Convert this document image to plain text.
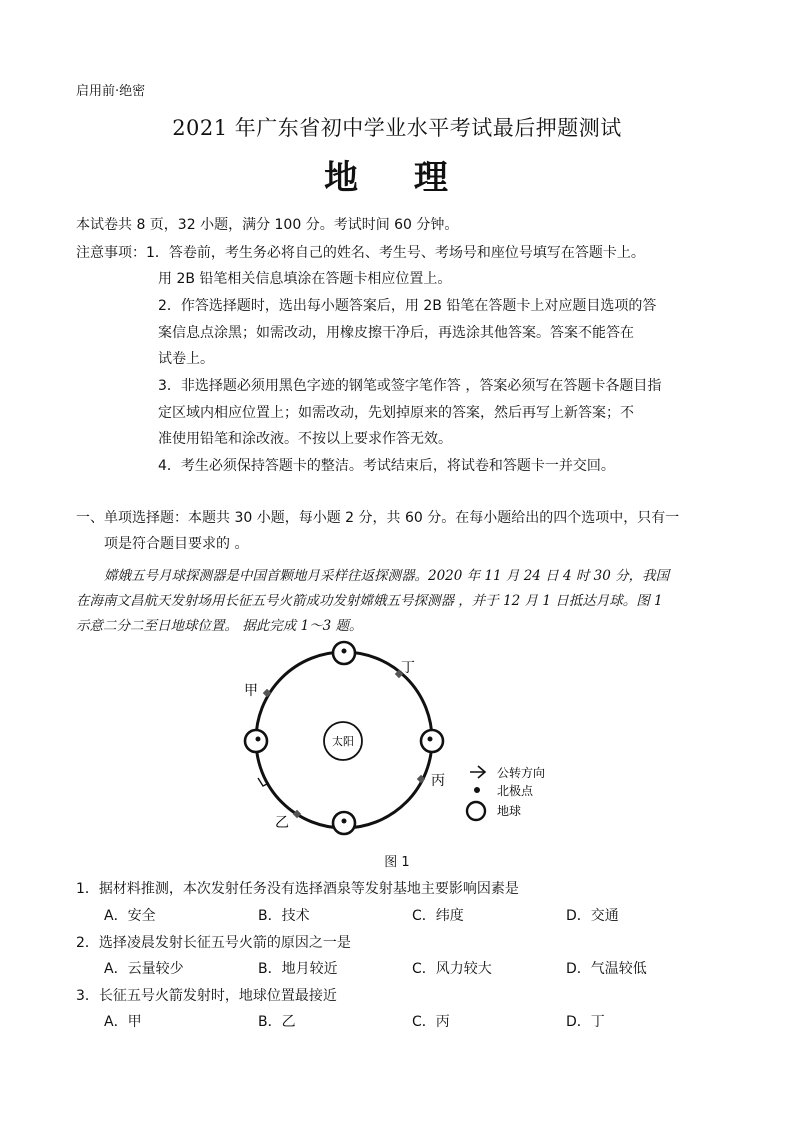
启用前·绝密
2021 年广东省初中学业水平考试最后押题测试
地 理
本试卷共 8 页，32 小题，满分 100 分。考试时间 60 分钟。
注意事项：1．答卷前，考生务必将自己的姓名、考生号、考场号和座位号填写在答题卡上。
用 2B 铅笔相关信息填涂在答题卡相应位置上。
2．作答选择题时，选出每小题答案后，用 2B 铅笔在答题卡上对应题目选项的答
案信息点涂黑；如需改动，用橡皮擦干净后，再选涂其他答案。答案不能答在
试卷上。
3．非选择题必须用黑色字迹的钢笔或签字笔作答 ，答案必须写在答题卡各题目指
定区域内相应位置上；如需改动，先划掉原来的答案，然后再写上新答案；不
准使用铅笔和涂改液。不按以上要求作答无效。
4．考生必须保持答题卡的整洁。考试结束后，将试卷和答题卡一并交回。
一、单项选择题：本题共 30 小题，每小题 2 分，共 60 分。在每小题给出的四个选项中，只有一
项是符合题目要求的 。
嫦娥五号月球探测器是中国首颗地月采样往返探测器。2020 年 11 月 24 日 4 时 30 分，我国
在海南文昌航天发射场用长征五号火箭成功发射嫦娥五号探测器 ，并于 12 月 1 日抵达月球。图 1
示意二分二至日地球位置。 据此完成 1～3 题。
太阳
甲
乙
丙
丁
公转方向
北极点
地球
图 1
1．据材料推测，本次发射任务没有选择酒泉等发射基地主要影响因素是
A．安全	B．技术	C．纬度	D．交通
2．选择凌晨发射长征五号火箭的原因之一是
A．云量较少	B．地月较近	C．风力较大	D．气温较低
3．长征五号火箭发射时，地球位置最接近
A．甲	B．乙	C．丙	D．丁
